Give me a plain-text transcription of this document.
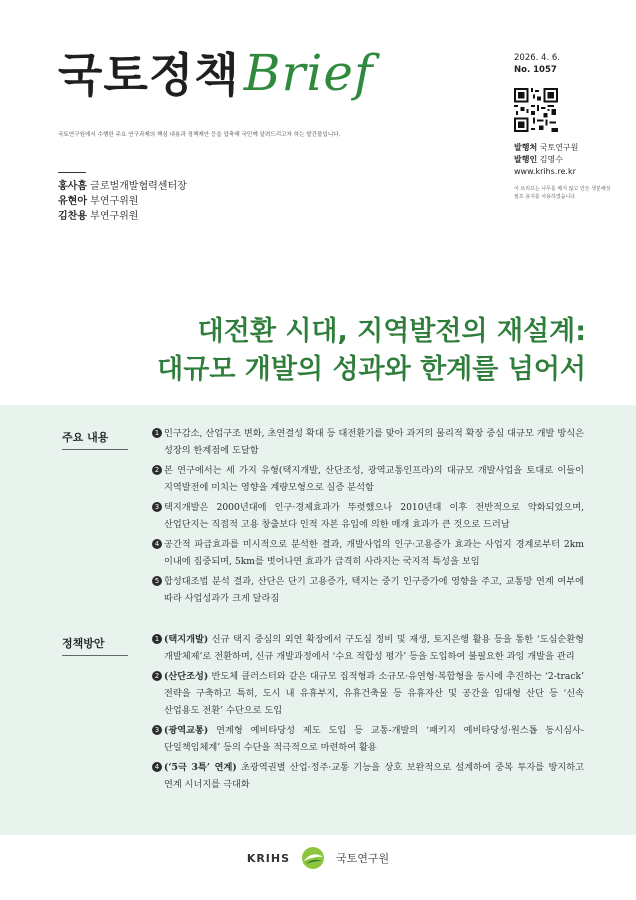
국토정책 Brief
국토연구원에서 수행한 주요 연구과제의 핵심 내용과 정책제안 등을 압축해 국민께 알려드리고자 하는 발간물입니다.
홍사흠 글로벌개발협력센터장
유현아 부연구위원
김찬용 부연구위원
2026. 4. 6.
No. 1057
발행처 국토연구원
발행인 김명수
www.krihs.re.kr
이 브리프는 나무를 베지 않고 만든 생분해성 펄프 용지를 사용하였습니다.
대전환 시대, 지역발전의 재설계:
대규모 개발의 성과와 한계를 넘어서
주요 내용	1 인구감소, 산업구조 변화, 초연결성 확대 등 대전환기를 맞아 과거의 물리적 확장 중심 대규모 개발 방식은 성장의 한계점에 도달함
2 본 연구에서는 세 가지 유형(택지개발, 산단조성, 광역교통인프라)의 대규모 개발사업을 토대로 이들이 지역발전에 미치는 영향을 계량모형으로 실증 분석함
3 택지개발은 2000년대에 인구·경제효과가 뚜렷했으나 2010년대 이후 전반적으로 약화되었으며, 산업단지는 직접적 고용 창출보다 인적 자본 유입에 의한 매개 효과가 큰 것으로 드러남
4 공간적 파급효과를 미시적으로 분석한 결과, 개발사업의 인구·고용증가 효과는 사업지 경계로부터 2km 이내에 집중되며, 5km를 벗어나면 효과가 급격히 사라지는 국지적 특성을 보임
5 합성대조법 분석 결과, 산단은 단기 고용증가, 택지는 중기 인구증가에 영향을 주고, 교통망 연계 여부에 따라 사업성과가 크게 달라짐
정책방안	1 (택지개발) 신규 택지 중심의 외연 확장에서 구도심 정비 및 재생, 토지은행 활용 등을 통한 ‘도심순환형 개발체제’로 전환하며, 신규 개발과정에서 ‘수요 적합성 평가’ 등을 도입하여 불필요한 과잉 개발을 관리
2 (산단조성) 반도체 클러스터와 같은 대규모 집적형과 소규모·유연형·복합형을 동시에 추진하는 ‘2-track’ 전략을 구축하고 특히, 도시 내 유휴부지, 유휴건축물 등 유휴자산 및 공간을 임대형 산단 등 ‘신속 산업용도 전환’ 수단으로 도입
3 (광역교통) 연계형 예비타당성 제도 도입 등 교통-개발의 ‘패키지 예비타당성·원스톱 동시심사-단일책임체계’ 등의 수단을 적극적으로 마련하여 활용
4 (‘5극 3특’ 연계) 초광역권별 산업·정주·교통 기능을 상호 보완적으로 설계하여 중복 투자를 방지하고 연계 시너지를 극대화
KRIHS	국토연구원
